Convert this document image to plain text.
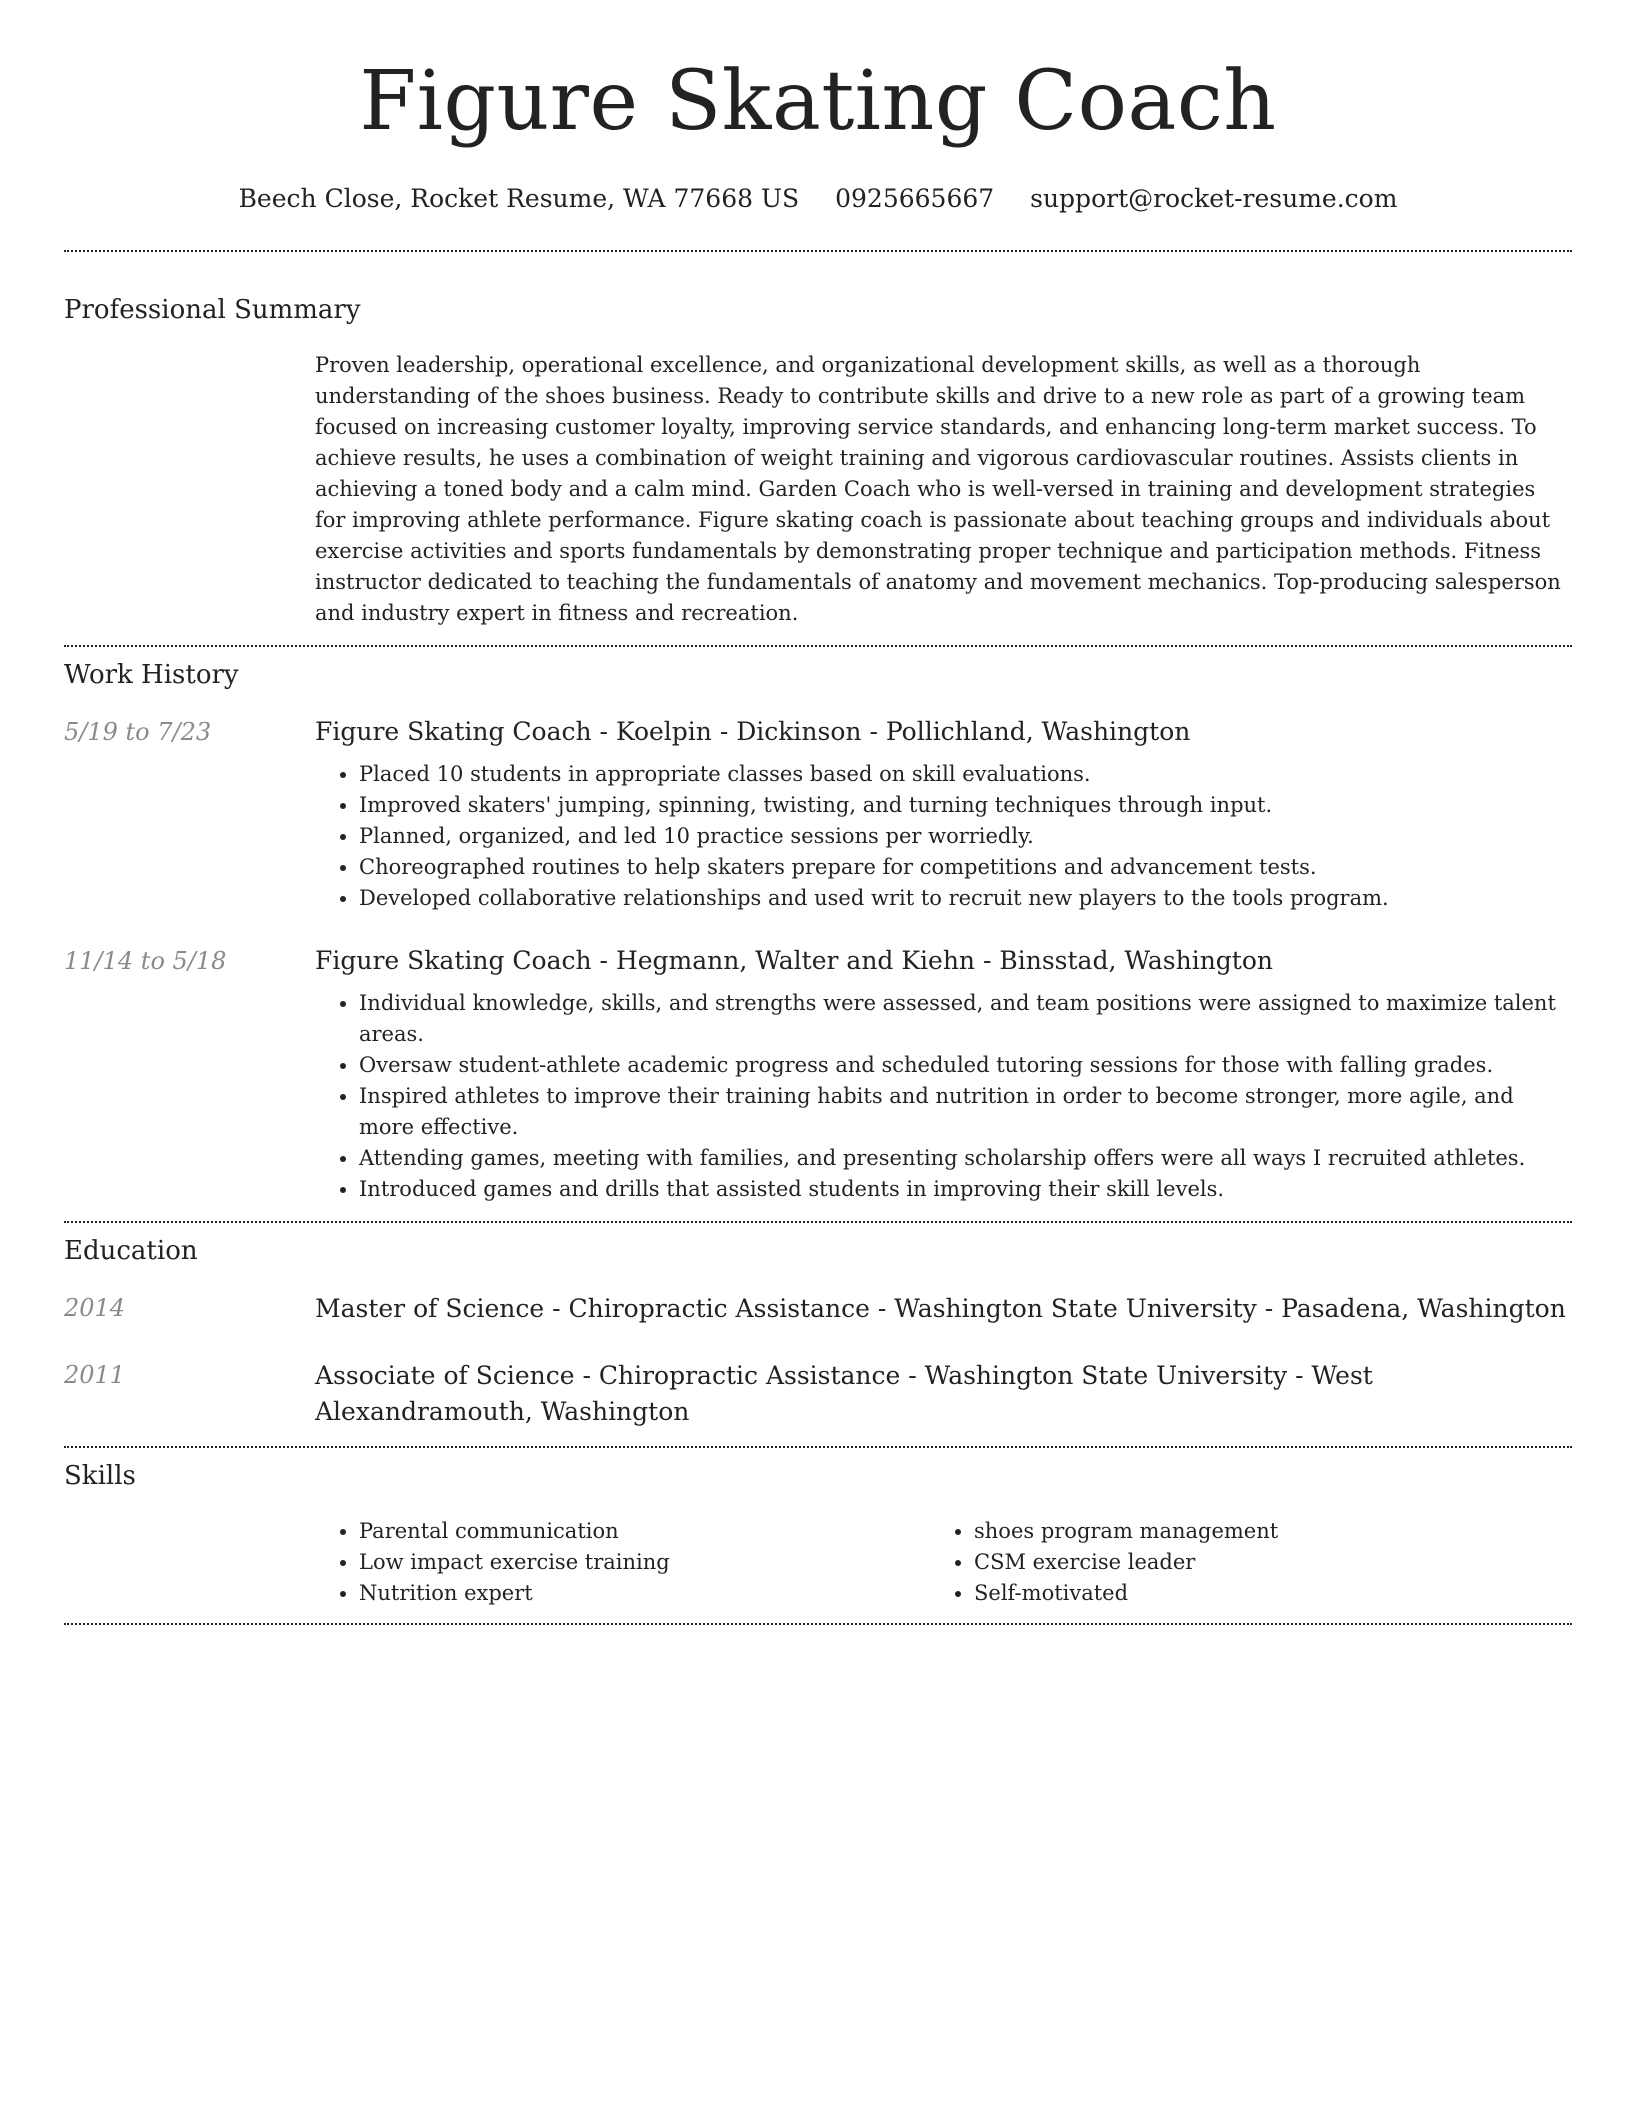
Figure Skating Coach
Beech Close, Rocket Resume, WA 77668 US 0925665667 support@rocket-resume.com
Professional Summary

Proven leadership, operational excellence, and organizational development skills, as well as a thorough understanding of the shoes business. Ready to contribute skills and drive to a new role as part of a growing team focused on increasing customer loyalty, improving service standards, and enhancing long-term market success. To achieve results, he uses a combination of weight training and vigorous cardiovascular routines. Assists clients in achieving a toned body and a calm mind. Garden Coach who is well-versed in training and development strategies for improving athlete performance. Figure skating coach is passionate about teaching groups and individuals about exercise activities and sports fundamentals by demonstrating proper technique and participation methods. Fitness instructor dedicated to teaching the fundamentals of anatomy and movement mechanics. Top-producing salesperson and industry expert in fitness and recreation.

Work History
5/19 to 7/23	Figure Skating Coach - Koelpin - Dickinson - Pollichland, Washington

• Placed 10 students in appropriate classes based on skill evaluations.
• Improved skaters' jumping, spinning, twisting, and turning techniques through input.
• Planned, organized, and led 10 practice sessions per worriedly.
• Choreographed routines to help skaters prepare for competitions and advancement tests.
• Developed collaborative relationships and used writ to recruit new players to the tools program.
11/14 to 5/18	Figure Skating Coach - Hegmann, Walter and Kiehn - Binsstad, Washington

• Individual knowledge, skills, and strengths were assessed, and team positions were assigned to maximize talent areas.
• Oversaw student-athlete academic progress and scheduled tutoring sessions for those with falling grades.
• Inspired athletes to improve their training habits and nutrition in order to become stronger, more agile, and more effective.
• Attending games, meeting with families, and presenting scholarship offers were all ways I recruited athletes.
• Introduced games and drills that assisted students in improving their skill levels.
Education
2014	Master of Science - Chiropractic Assistance - Washington State University - Pasadena, Washington

2011	Associate of Science - Chiropractic Assistance - Washington State University - West Alexandramouth, Washington

Skills
• Parental communication
• Low impact exercise training
• Nutrition expert
• shoes program management
• CSM exercise leader
• Self-motivated
